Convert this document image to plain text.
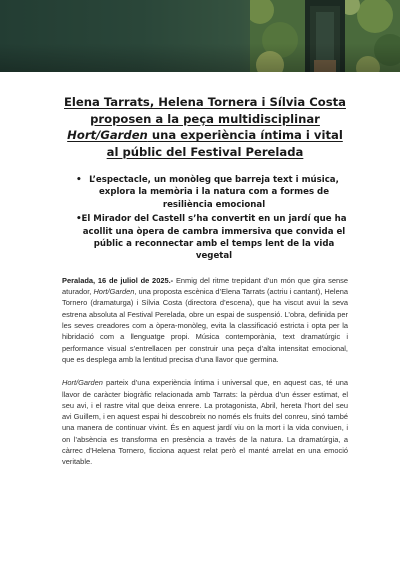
Elena Tarrats, Helena Tornera i Sílvia Costa proposen a la peça multidisciplinar Hort/Garden una experiència íntima i vital al públic del Festival Perelada
• L’espectacle, un monòleg que barreja text i música, explora la memòria i la natura com a formes de resiliència emocional
• El Mirador del Castell s’ha convertit en un jardí que ha acollit una òpera de cambra immersiva que convida el públic a reconnectar amb el temps lent de la vida vegetal

Peralada, 16 de juliol de 2025.- Enmig del ritme trepidant d’un món que gira sense aturador, Hort/Garden, una proposta escènica d’Elena Tarrats (actriu i cantant), Helena Tornero (dramaturga) i Sílvia Costa (directora d’escena), que ha viscut avui la seva estrena absoluta al Festival Perelada, obre un espai de suspensió. L’obra, definida per les seves creadores com a òpera-monòleg, evita la classificació estricta i opta per la hibridació com a llenguatge propi. Música contemporània, text dramatúrgic i performance visual s’entrellacen per construir una peça d’alta intensitat emocional, que es desplega amb la lentitud precisa d’una llavor que germina.

Hort/Garden parteix d’una experiència íntima i universal que, en aquest cas, té una llavor de caràcter biogràfic relacionada amb Tarrats: la pèrdua d’un ésser estimat, el seu avi, i el rastre vital que deixa enrere. La protagonista, Abril, hereta l’hort del seu avi Guillem, i en aquest espai hi descobreix no només els fruits del conreu, sinó també una manera de continuar vivint. És en aquest jardí viu on la mort i la vida conviuen, i on l’absència es transforma en presència a través de la natura. La dramatúrgia, a càrrec d’Helena Tornero, ficciona aquest relat però el manté arrelat en una emoció veritable.
